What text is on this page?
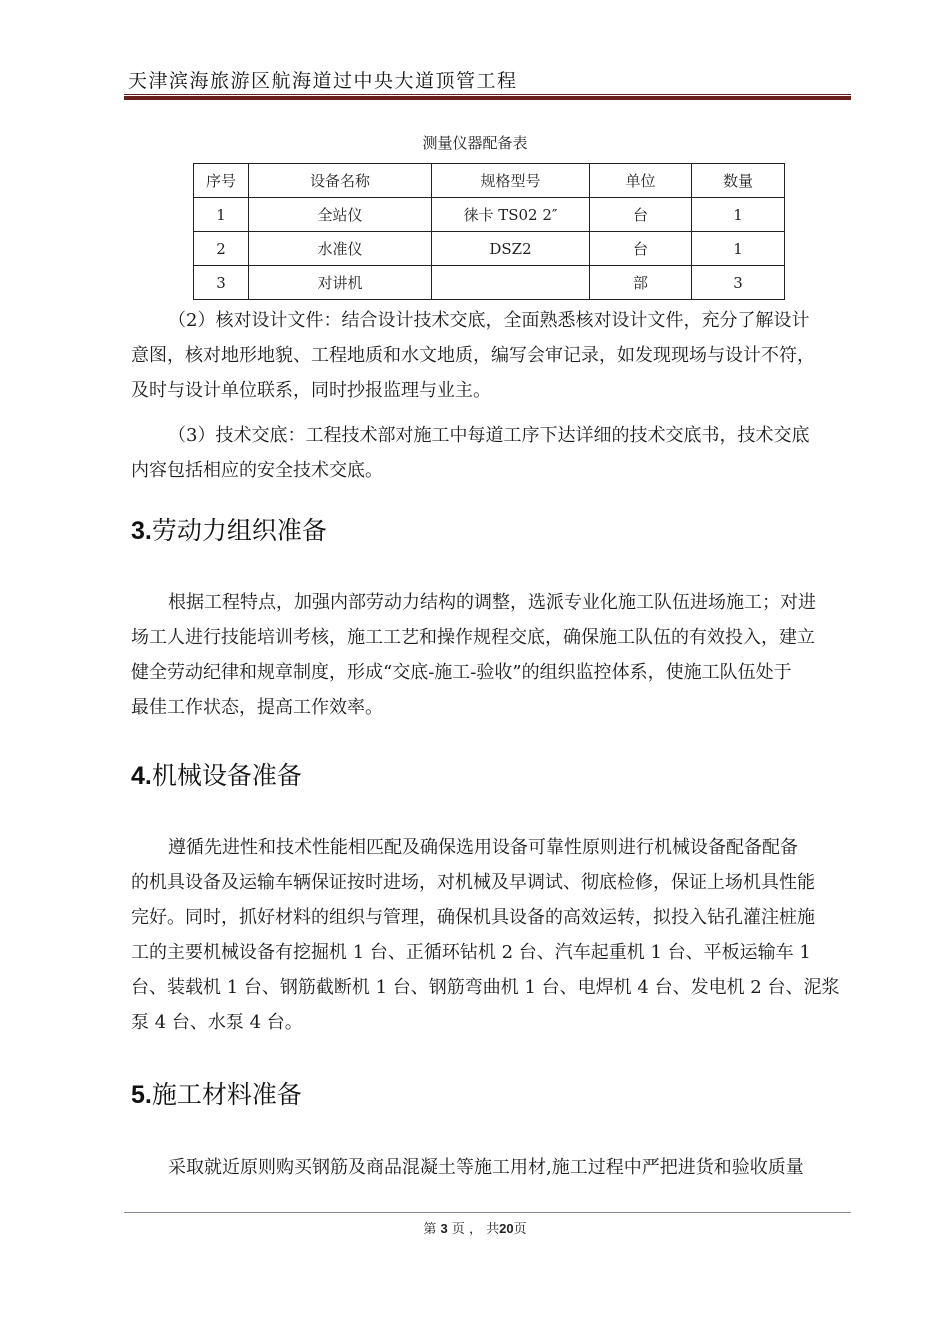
天津滨海旅游区航海道过中央大道顶管工程
测量仪器配备表
序号	设备名称	规格型号	单位	数量
1	全站仪	徕卡 TS02 2″	台	1
2	水准仪	DSZ2	台	1
3	对讲机		部	3
（2）核对设计文件：结合设计技术交底，全面熟悉核对设计文件，充分了解设计
意图，核对地形地貌、工程地质和水文地质，编写会审记录，如发现现场与设计不符，
及时与设计单位联系，同时抄报监理与业主。
（3）技术交底：工程技术部对施工中每道工序下达详细的技术交底书，技术交底
内容包括相应的安全技术交底。
3.劳动力组织准备
根据工程特点，加强内部劳动力结构的调整，选派专业化施工队伍进场施工；对进
场工人进行技能培训考核，施工工艺和操作规程交底，确保施工队伍的有效投入，建立
健全劳动纪律和规章制度，形成“交底-施工-验收”的组织监控体系，使施工队伍处于
最佳工作状态，提高工作效率。
4.机械设备准备
遵循先进性和技术性能相匹配及确保选用设备可靠性原则进行机械设备配备配备
的机具设备及运输车辆保证按时进场，对机械及早调试、彻底检修，保证上场机具性能
完好。同时，抓好材料的组织与管理，确保机具设备的高效运转，拟投入钻孔灌注桩施
工的主要机械设备有挖掘机 1 台、正循环钻机 2 台、汽车起重机 1 台、平板运输车 1
台、装载机 1 台、钢筋截断机 1 台、钢筋弯曲机 1 台、电焊机 4 台、发电机 2 台、泥浆
泵 4 台、水泵 4 台。
5.施工材料准备
采取就近原则购买钢筋及商品混凝土等施工用材,施工过程中严把进货和验收质量
第 3 页 ， 共20页
